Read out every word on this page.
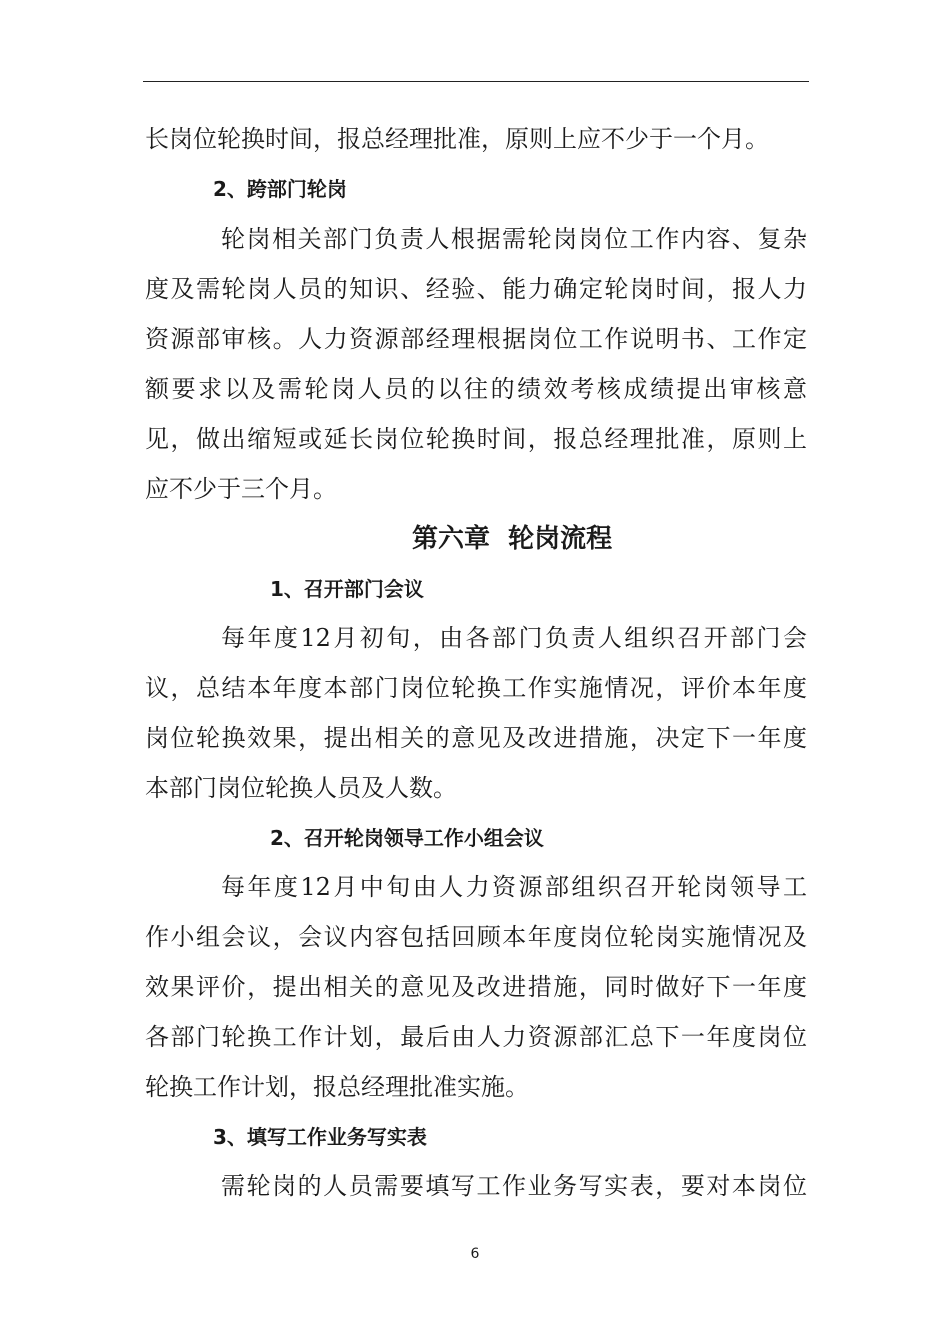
长岗位轮换时间，报总经理批准，原则上应不少于一个月。
2、跨部门轮岗
轮岗相关部门负责人根据需轮岗岗位工作内容、复杂
度及需轮岗人员的知识、经验、能力确定轮岗时间，报人力
资源部审核。人力资源部经理根据岗位工作说明书、工作定
额要求以及需轮岗人员的以往的绩效考核成绩提出审核意
见，做出缩短或延长岗位轮换时间，报总经理批准，原则上
应不少于三个月。
第六章  轮岗流程
1、召开部门会议
每年度12月初旬，由各部门负责人组织召开部门会
议，总结本年度本部门岗位轮换工作实施情况，评价本年度
岗位轮换效果，提出相关的意见及改进措施，决定下一年度
本部门岗位轮换人员及人数。
2、召开轮岗领导工作小组会议
每年度12月中旬由人力资源部组织召开轮岗领导工
作小组会议，会议内容包括回顾本年度岗位轮岗实施情况及
效果评价，提出相关的意见及改进措施，同时做好下一年度
各部门轮换工作计划，最后由人力资源部汇总下一年度岗位
轮换工作计划，报总经理批准实施。
3、填写工作业务写实表
需轮岗的人员需要填写工作业务写实表，要对本岗位
6
